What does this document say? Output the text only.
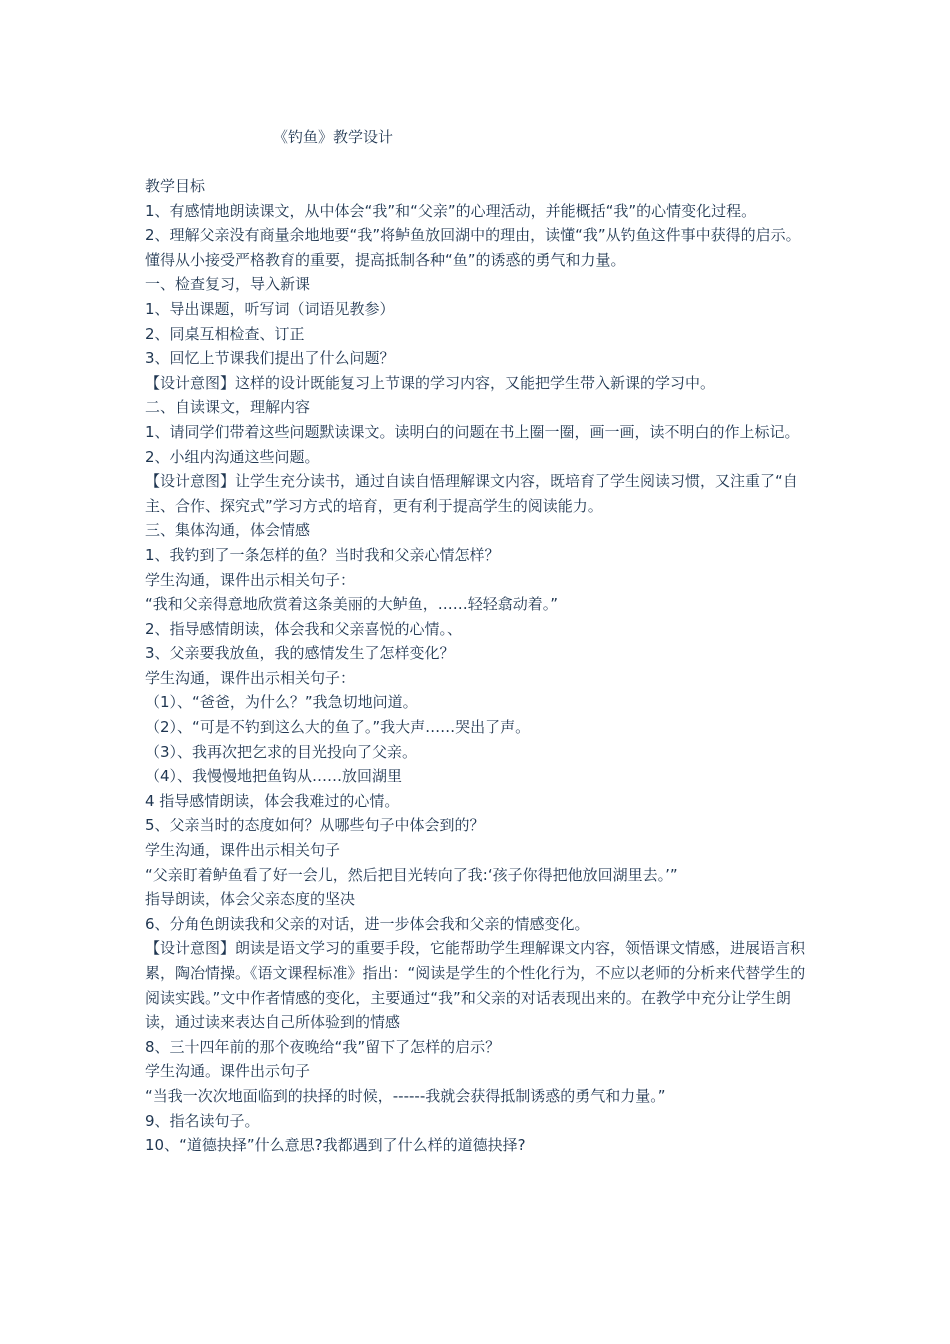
《钓鱼》教学设计

教学目标

1、有感情地朗读课文，从中体会“我”和“父亲”的心理活动，并能概括“我”的心情变化过程。

2、理解父亲没有商量余地地要“我”将鲈鱼放回湖中的理由，读懂“我”从钓鱼这件事中获得的启示。懂得从小接受严格教育的重要，提高抵制各种“鱼”的诱惑的勇气和力量。

一、检查复习，导入新课

1、导出课题，听写词（词语见教参）

2、同桌互相检查、订正

3、回忆上节课我们提出了什么问题？

【设计意图】这样的设计既能复习上节课的学习内容，又能把学生带入新课的学习中。

二、自读课文，理解内容

1、请同学们带着这些问题默读课文。读明白的问题在书上圈一圈，画一画，读不明白的作上标记。

2、小组内沟通这些问题。

【设计意图】让学生充分读书，通过自读自悟理解课文内容，既培育了学生阅读习惯，又注重了“自主、合作、探究式”学习方式的培育，更有利于提高学生的阅读能力。

三、集体沟通，体会情感

1、我钓到了一条怎样的鱼？当时我和父亲心情怎样？

学生沟通，课件出示相关句子：

“我和父亲得意地欣赏着这条美丽的大鲈鱼，……轻轻翕动着。”

2、指导感情朗读，体会我和父亲喜悦的心情。、

3、父亲要我放鱼，我的感情发生了怎样变化？

学生沟通，课件出示相关句子：

（1）、“爸爸，为什么？”我急切地问道。

（2）、“可是不钓到这么大的鱼了。”我大声……哭出了声。

（3）、我再次把乞求的目光投向了父亲。

（4）、我慢慢地把鱼钩从……放回湖里

4 指导感情朗读，体会我难过的心情。

5、父亲当时的态度如何？从哪些句子中体会到的？

学生沟通，课件出示相关句子

“父亲盯着鲈鱼看了好一会儿，然后把目光转向了我:‘孩子你得把他放回湖里去。’”

指导朗读，体会父亲态度的坚决

6、分角色朗读我和父亲的对话，进一步体会我和父亲的情感变化。

【设计意图】朗读是语文学习的重要手段，它能帮助学生理解课文内容，领悟课文情感，进展语言积累，陶冶情操。《语文课程标准》指出：“阅读是学生的个性化行为，不应以老师的分析来代替学生的阅读实践。”文中作者情感的变化，主要通过“我”和父亲的对话表现出来的。在教学中充分让学生朗读，通过读来表达自己所体验到的情感

8、三十四年前的那个夜晚给“我”留下了怎样的启示？

学生沟通。课件出示句子

“当我一次次地面临到的抉择的时候，------我就会获得抵制诱惑的勇气和力量。”

9、指名读句子。

10、“道德抉择”什么意思?我都遇到了什么样的道德抉择?
